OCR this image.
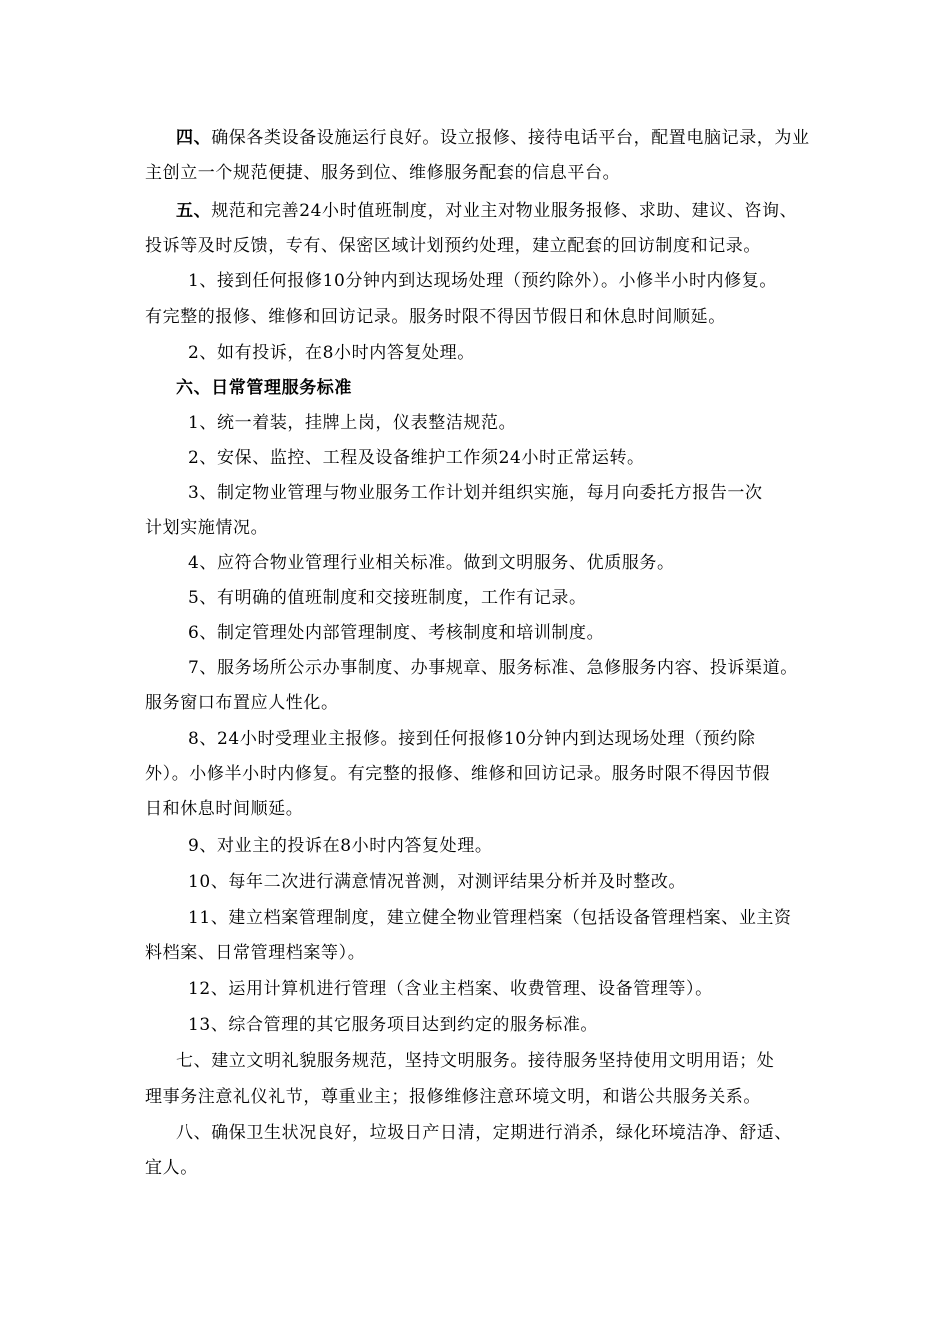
四、确保各类设备设施运行良好。设立报修、接待电话平台，配置电脑记录，为业
主创立一个规范便捷、服务到位、维修服务配套的信息平台。
五、规范和完善24小时值班制度，对业主对物业服务报修、求助、建议、咨询、
投诉等及时反馈，专有、保密区域计划预约处理，建立配套的回访制度和记录。
1、接到任何报修10分钟内到达现场处理（预约除外）。小修半小时内修复。
有完整的报修、维修和回访记录。服务时限不得因节假日和休息时间顺延。
2、如有投诉，在8小时内答复处理。
六、日常管理服务标准
1、统一着装，挂牌上岗，仪表整洁规范。
2、安保、监控、工程及设备维护工作须24小时正常运转。
3、制定物业管理与物业服务工作计划并组织实施，每月向委托方报告一次
计划实施情况。
4、应符合物业管理行业相关标准。做到文明服务、优质服务。
5、有明确的值班制度和交接班制度，工作有记录。
6、制定管理处内部管理制度、考核制度和培训制度。
7、服务场所公示办事制度、办事规章、服务标准、急修服务内容、投诉渠道。
服务窗口布置应人性化。
8、24小时受理业主报修。接到任何报修10分钟内到达现场处理（预约除
外）。小修半小时内修复。有完整的报修、维修和回访记录。服务时限不得因节假
日和休息时间顺延。
9、对业主的投诉在8小时内答复处理。
10、每年二次进行满意情况普测，对测评结果分析并及时整改。
11、建立档案管理制度，建立健全物业管理档案（包括设备管理档案、业主资
料档案、日常管理档案等）。
12、运用计算机进行管理（含业主档案、收费管理、设备管理等）。
13、综合管理的其它服务项目达到约定的服务标准。
七、建立文明礼貌服务规范，坚持文明服务。接待服务坚持使用文明用语；处
理事务注意礼仪礼节，尊重业主；报修维修注意环境文明，和谐公共服务关系。
八、确保卫生状况良好，垃圾日产日清，定期进行消杀，绿化环境洁净、舒适、
宜人。
